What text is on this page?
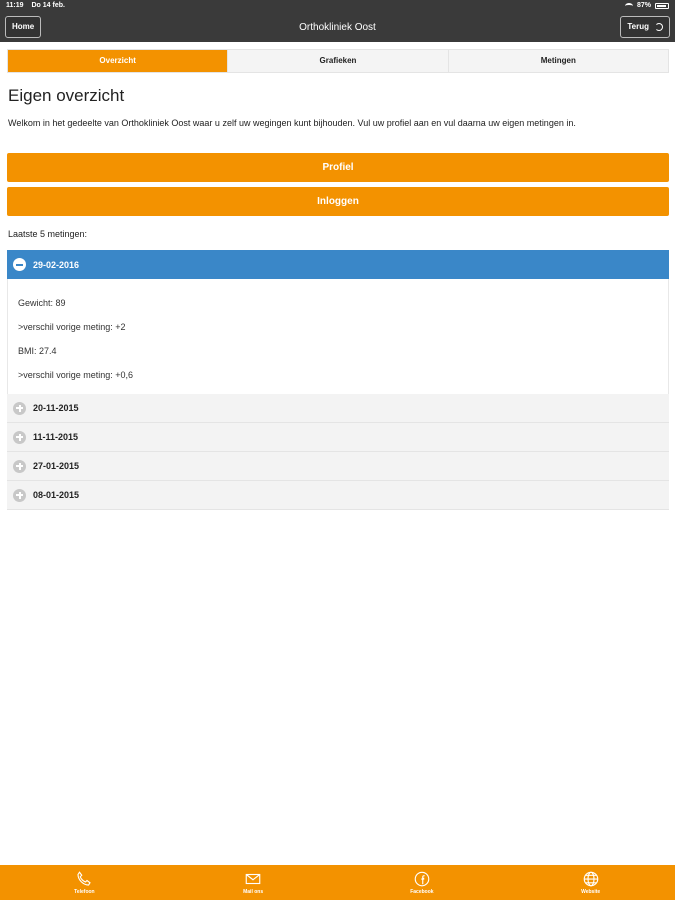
11:19 Do 14 feb.	87%
Home	Orthokliniek Oost	Terug
Overzicht	Grafieken	Metingen
Eigen overzicht
Welkom in het gedeelte van Orthokliniek Oost waar u zelf uw wegingen kunt bijhouden. Vul uw profiel aan en vul daarna uw eigen metingen in.
Profiel
Inloggen
Laatste 5 metingen:
29-02-2016
Gewicht: 89
>verschil vorige meting: +2
BMI: 27.4
>verschil vorige meting: +0,6
20-11-2015
11-11-2015
27-01-2015
08-01-2015
Telefoon	Mail ons	Facebook	Website
